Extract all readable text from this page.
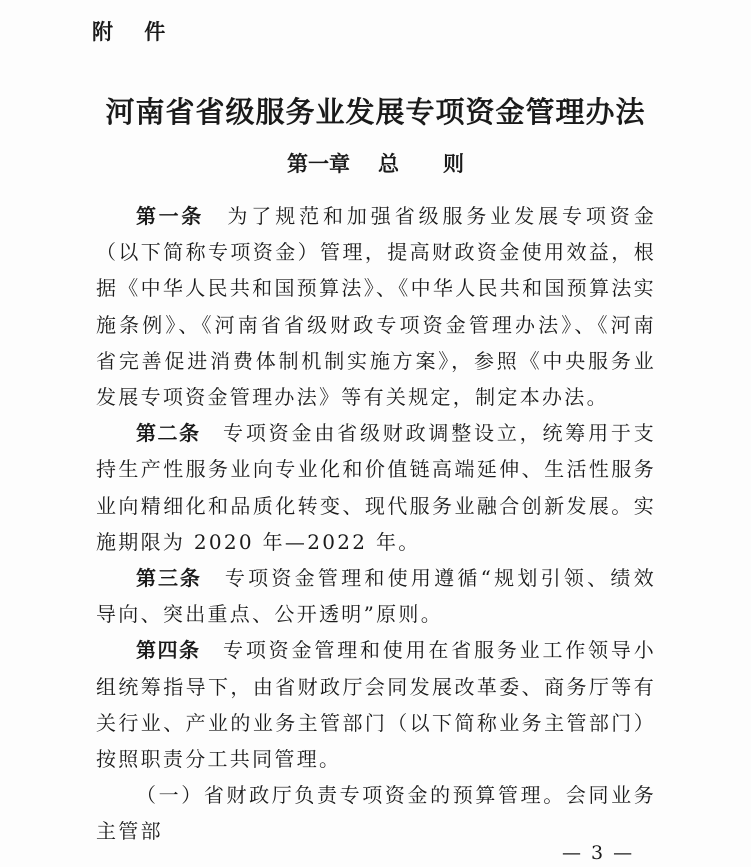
附 件
河南省省级服务业发展专项资金管理办法
第一章 总 则

第一条 为了规范和加强省级服务业发展专项资金（以下简称专项资金）管理，提高财政资金使用效益，根据《中华人民共和国预算法》、《中华人民共和国预算法实施条例》、《河南省省级财政专项资金管理办法》、《河南省完善促进消费体制机制实施方案》，参照《中央服务业发展专项资金管理办法》等有关规定，制定本办法。

第二条 专项资金由省级财政调整设立，统筹用于支持生产性服务业向专业化和价值链高端延伸、生活性服务业向精细化和品质化转变、现代服务业融合创新发展。实施期限为 2020 年—2022 年。

第三条 专项资金管理和使用遵循“规划引领、绩效导向、突出重点、公开透明”原则。

第四条 专项资金管理和使用在省服务业工作领导小组统筹指导下，由省财政厅会同发展改革委、商务厅等有关行业、产业的业务主管部门（以下简称业务主管部门）按照职责分工共同管理。

（一）省财政厅负责专项资金的预算管理。会同业务主管部

— 3 —
